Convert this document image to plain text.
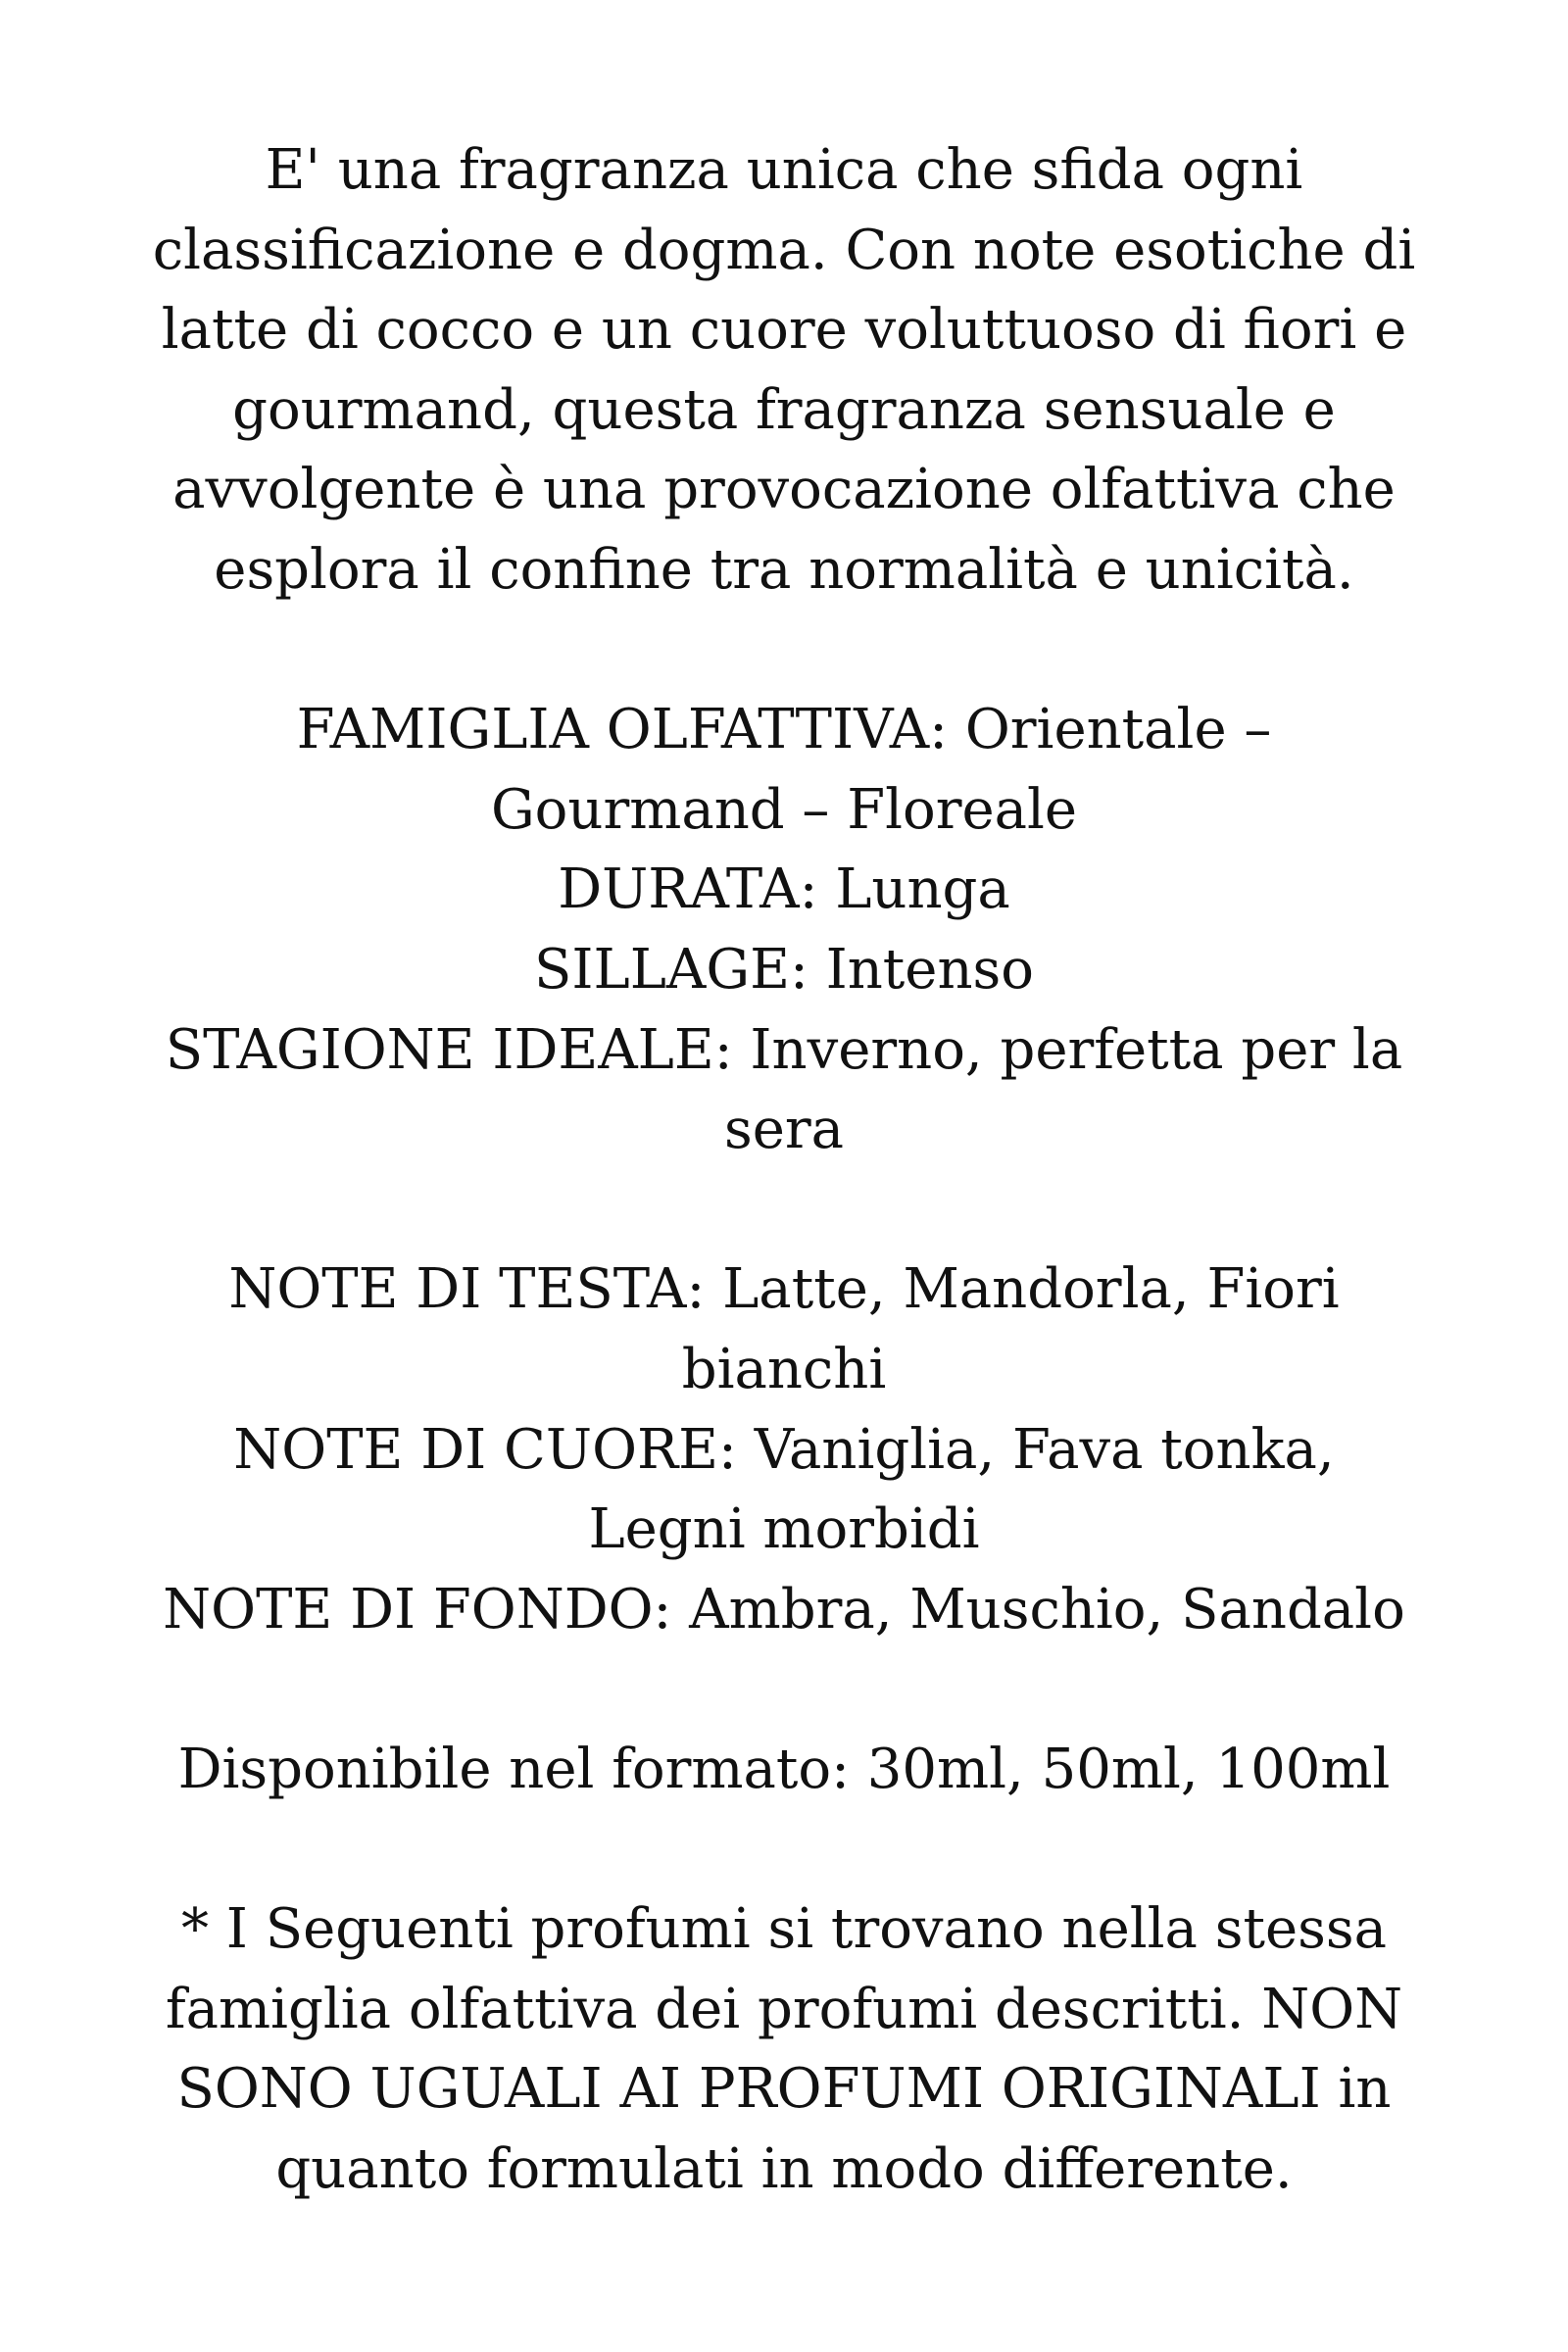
E' una fragranza unica che sfida ogni
classificazione e dogma. Con note esotiche di
latte di cocco e un cuore voluttuoso di fiori e
gourmand, questa fragranza sensuale e
avvolgente è una provocazione olfattiva che
esplora il confine tra normalità e unicità.
FAMIGLIA OLFATTIVA: Orientale –
Gourmand – Floreale
DURATA: Lunga
SILLAGE: Intenso
STAGIONE IDEALE: Inverno, perfetta per la
sera
NOTE DI TESTA: Latte, Mandorla, Fiori
bianchi
NOTE DI CUORE: Vaniglia, Fava tonka,
Legni morbidi
NOTE DI FONDO: Ambra, Muschio, Sandalo
Disponibile nel formato: 30ml, 50ml, 100ml
* I Seguenti profumi si trovano nella stessa
famiglia olfattiva dei profumi descritti. NON
SONO UGUALI AI PROFUMI ORIGINALI in
quanto formulati in modo differente.
